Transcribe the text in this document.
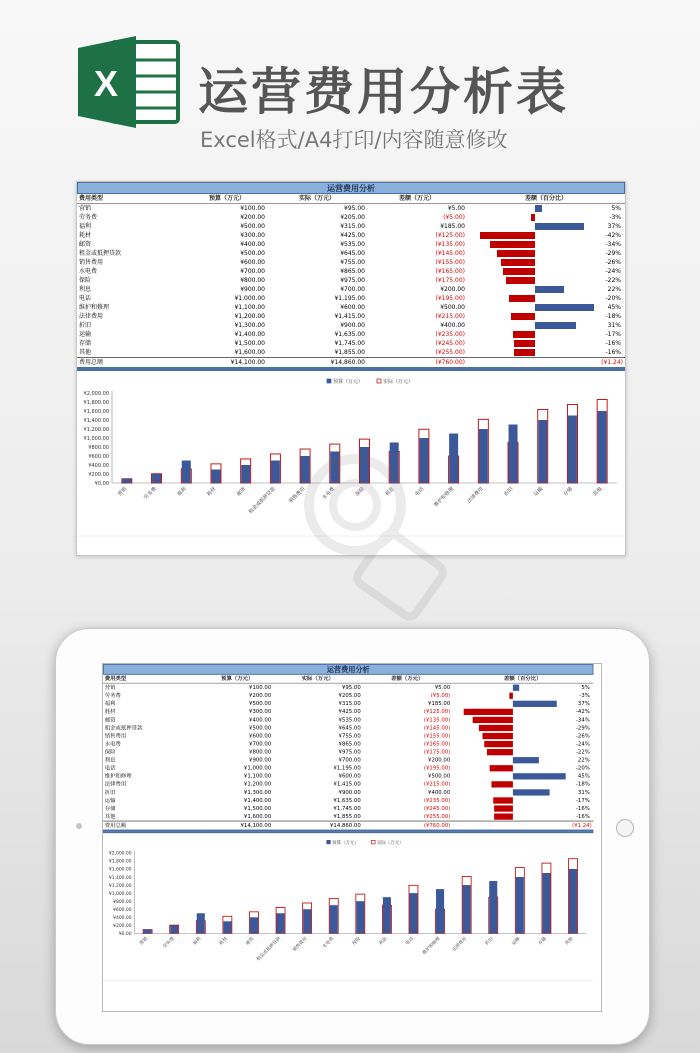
X 运营费用分析表
Excel格式/A4打印/内容随意修改
运营费用分析
费用类型	预算（万元）	实际（万元）	差额（万元）	差额（百分比）
营销	¥100.00	¥95.00	¥5.00	5%

劳务费	¥200.00	¥205.00	(¥5.00)	-3%

福利	¥500.00	¥315.00	¥185.00	37%

耗材	¥300.00	¥425.00	(¥125.00)	-42%

邮资	¥400.00	¥535.00	(¥135.00)	-34%

租金或抵押贷款	¥500.00	¥645.00	(¥145.00)	-29%

销售费用	¥600.00	¥755.00	(¥155.00)	-26%

水电费	¥700.00	¥865.00	(¥165.00)	-24%

保险	¥800.00	¥975.00	(¥175.00)	-22%

利息	¥900.00	¥700.00	¥200.00	22%

电话	¥1,000.00	¥1,195.00	(¥195.00)	-20%

维护和修理	¥1,100.00	¥600.00	¥500.00	45%

法律费用	¥1,200.00	¥1,415.00	(¥215.00)	-18%

折旧	¥1,300.00	¥900.00	¥400.00	31%

运输	¥1,400.00	¥1,635.00	(¥235.00)	-17%

存储	¥1,500.00	¥1,745.00	(¥245.00)	-16%

其他	¥1,600.00	¥1,855.00	(¥255.00)	-16%

费用总额	¥14,100.00	¥14,860.00	(¥760.00)	(¥1.24)
¥2,000.00
¥1,800.00
¥1,600.00
¥1,400.00
¥1,200.00
¥1,000.00
¥800.00
¥600.00
¥400.00
¥200.00
¥0.00
预算（万元）	实际（万元）
营销	劳务费	福利	耗材	邮资 租金或抵押贷款 销售费用	水电费	保险	利息	电话 维护和修理 法律费用	折旧	运输	存储	其他
运营费用分析
费用类型	预算（万元）	实际（万元）	差额（万元）	差额（百分比）
营销	¥100.00	¥95.00	¥5.00	5%

劳务费	¥200.00	¥205.00	(¥5.00)	-3%

福利	¥500.00	¥315.00	¥185.00	37%

耗材	¥300.00	¥425.00	(¥125.00)	-42%

邮资	¥400.00	¥535.00	(¥135.00)	-34%

租金或抵押贷款	¥500.00	¥645.00	(¥145.00)	-29%

销售费用	¥600.00	¥755.00	(¥155.00)	-26%

水电费	¥700.00	¥865.00	(¥165.00)	-24%

保险	¥800.00	¥975.00	(¥175.00)	-22%

利息	¥900.00	¥700.00	¥200.00	22%

电话	¥1,000.00	¥1,195.00	(¥195.00)	-20%

维护和修理	¥1,100.00	¥600.00	¥500.00	45%

法律费用	¥1,200.00	¥1,415.00	(¥215.00)	-18%

折旧	¥1,300.00	¥900.00	¥400.00	31%

运输	¥1,400.00	¥1,635.00	(¥235.00)	-17%

存储	¥1,500.00	¥1,745.00	(¥245.00)	-16%

其他	¥1,600.00	¥1,855.00	(¥255.00)	-16%

费用总额	¥14,100.00	¥14,860.00	(¥760.00)	(¥1.24)
¥2,000.00
¥1,800.00
¥1,600.00
¥1,400.00
¥1,200.00
¥1,000.00
¥800.00
¥600.00
¥400.00
¥200.00
¥0.00
预算（万元）	实际（万元）
营销	劳务费	福利	耗材	邮资 租金或抵押贷款 销售费用	水电费	保险	利息	电话 维护和修理 法律费用	折旧	运输	存储	其他
